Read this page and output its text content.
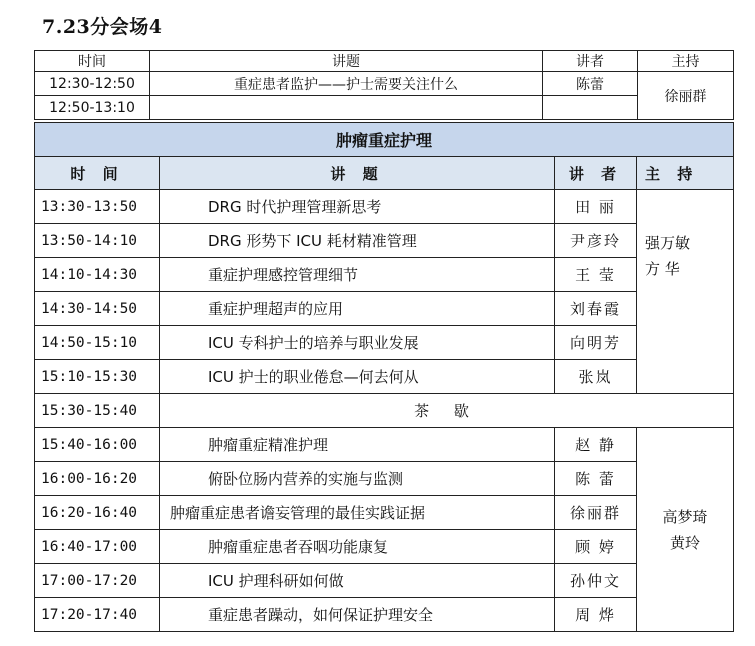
7.23分会场4
时间	讲题	讲者	主持
12:30-12:50	重症患者监护——护士需要关注什么	陈蕾	徐丽群
12:50-13:10			
肿瘤重症护理			
时 间	讲 题	讲 者	主 持
13:30-13:50	DRG 时代护理管理新思考	田 丽	强万敏
方 华

13:50-14:10	DRG 形势下 ICU 耗材精准管理	尹彦玲	
14:10-14:30	重症护理感控管理细节	王 莹	
14:30-14:50	重症护理超声的应用	刘春霞	
14:50-15:10	ICU 专科护士的培养与职业发展	向明芳	
15:10-15:30	ICU 护士的职业倦怠—何去何从	张岚	
15:30-15:40	茶 歇		
15:40-16:00	肿瘤重症精准护理	赵 静	高梦琦
黄玲

16:00-16:20	俯卧位肠内营养的实施与监测	陈 蕾	
16:20-16:40	肿瘤重症患者谵妄管理的最佳实践证据	徐丽群	
16:40-17:00	肿瘤重症患者吞咽功能康复	顾 婷	
17:00-17:20	ICU 护理科研如何做	孙仲文	
17:20-17:40	重症患者躁动，如何保证护理安全	周 烨	
